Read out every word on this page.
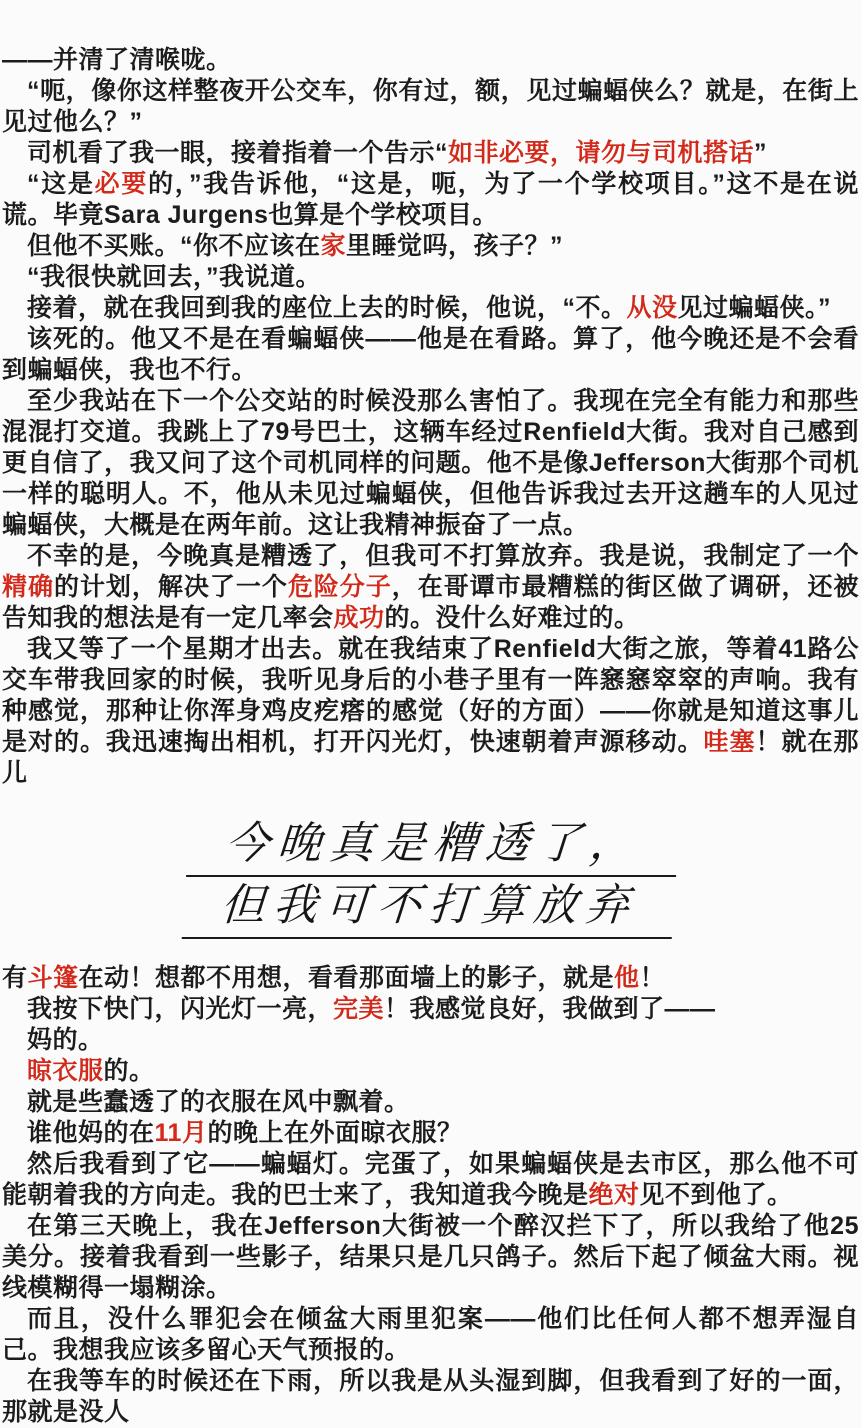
——并清了清喉咙。

“呃，像你这样整夜开公交车，你有过，额，见过蝙蝠侠么？就是，在街上见过他么？”

司机看了我一眼，接着指着一个告示“如非必要，请勿与司机搭话”

“这是必要的，”我告诉他，“这是，呃，为了一个学校项目。”这不是在说谎。毕竟Sara Jurgens也算是个学校项目。

但他不买账。“你不应该在家里睡觉吗，孩子？”

“我很快就回去，”我说道。

接着，就在我回到我的座位上去的时候，他说，“不。从没见过蝙蝠侠。”

该死的。他又不是在看蝙蝠侠——他是在看路。算了，他今晚还是不会看到蝙蝠侠，我也不行。

至少我站在下一个公交站的时候没那么害怕了。我现在完全有能力和那些混混打交道。我跳上了79号巴士，这辆车经过Renfield大街。我对自己感到更自信了，我又问了这个司机同样的问题。他不是像Jefferson大街那个司机一样的聪明人。不，他从未见过蝙蝠侠，但他告诉我过去开这趟车的人见过蝙蝠侠，大概是在两年前。这让我精神振奋了一点。

不幸的是，今晚真是糟透了，但我可不打算放弃。我是说，我制定了一个精确的计划，解决了一个危险分子，在哥谭市最糟糕的街区做了调研，还被告知我的想法是有一定几率会成功的。没什么好难过的。

我又等了一个星期才出去。就在我结束了Renfield大街之旅，等着41路公交车带我回家的时候，我听见身后的小巷子里有一阵窸窸窣窣的声响。我有种感觉，那种让你浑身鸡皮疙瘩的感觉（好的方面）——你就是知道这事儿是对的。我迅速掏出相机，打开闪光灯，快速朝着声源移动。哇塞！就在那儿

今晚真是糟透了，
但我可不打算放弃

有斗篷在动！想都不用想，看看那面墙上的影子，就是他！

我按下快门，闪光灯一亮，完美！我感觉良好，我做到了——

妈的。

晾衣服的。

就是些蠢透了的衣服在风中飘着。

谁他妈的在11月的晚上在外面晾衣服？

然后我看到了它——蝙蝠灯。完蛋了，如果蝙蝠侠是去市区，那么他不可能朝着我的方向走。我的巴士来了，我知道我今晚是绝对见不到他了。

在第三天晚上，我在Jefferson大街被一个醉汉拦下了，所以我给了他25美分。接着我看到一些影子，结果只是几只鸽子。然后下起了倾盆大雨。视线模糊得一塌糊涂。

而且，没什么罪犯会在倾盆大雨里犯案——他们比任何人都不想弄湿自己。我想我应该多留心天气预报的。

在我等车的时候还在下雨，所以我是从头湿到脚，但我看到了好的一面，那就是没人
